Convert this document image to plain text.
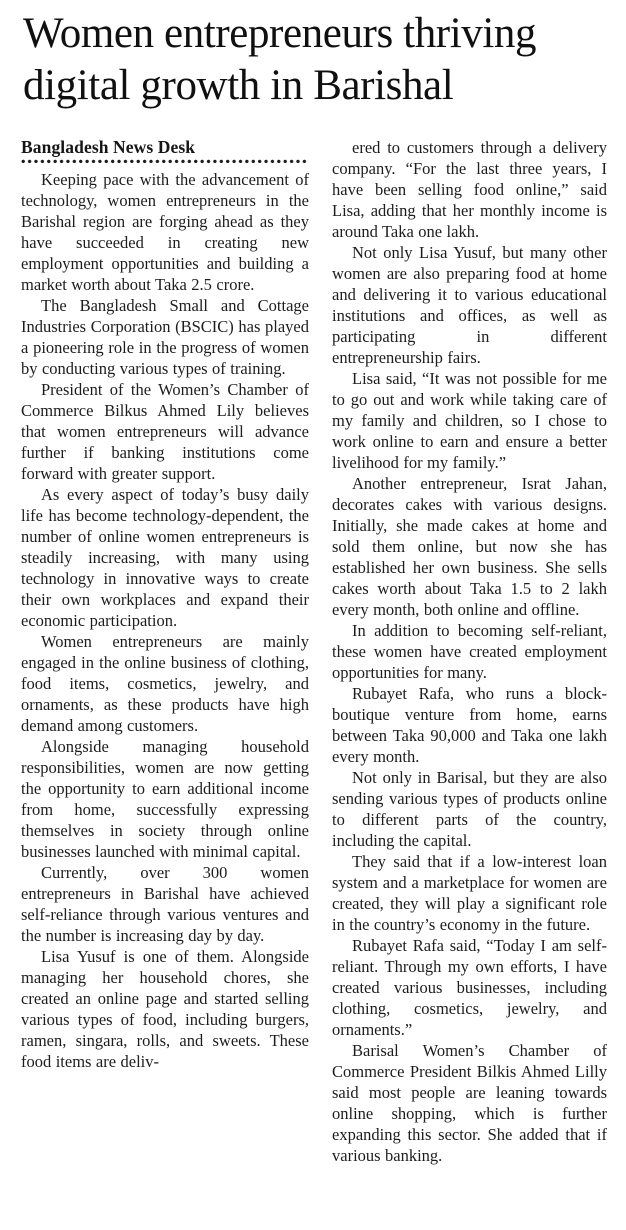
Women entrepreneurs thriving
digital growth in Barishal
Bangladesh News Desk

Keeping pace with the advancement of technology, women entrepreneurs in the Barishal region are forging ahead as they have succeeded in creating new employment opportunities and building a market worth about Taka 2.5 crore.

The Bangladesh Small and Cottage Industries Corporation (BSCIC) has played a pioneering role in the progress of women by conducting various types of training.

President of the Women’s Chamber of Commerce Bilkus Ahmed Lily believes that women entrepreneurs will advance further if banking institutions come forward with greater support.

As every aspect of today’s busy daily life has become technology-dependent, the number of online women entrepreneurs is steadily increasing, with many using technology in innovative ways to create their own workplaces and expand their economic participation.

Women entrepreneurs are mainly engaged in the online business of clothing, food items, cosmetics, jewelry, and ornaments, as these products have high demand among customers.

Alongside managing household responsibilities, women are now getting the opportunity to earn additional income from home, successfully expressing themselves in society through online businesses launched with minimal capital.

Currently, over 300 women entrepreneurs in Barishal have achieved self-reliance through various ventures and the number is increasing day by day.

Lisa Yusuf is one of them. Alongside managing her household chores, she created an online page and started selling various types of food, including burgers, ramen, singara, rolls, and sweets. These food items are deliv-

ered to customers through a delivery company. “For the last three years, I have been selling food online,” said Lisa, adding that her monthly income is around Taka one lakh.

Not only Lisa Yusuf, but many other women are also preparing food at home and delivering it to various educational institutions and offices, as well as participating in different entrepreneurship fairs.

Lisa said, “It was not possible for me to go out and work while taking care of my family and children, so I chose to work online to earn and ensure a better livelihood for my family.”

Another entrepreneur, Israt Jahan, decorates cakes with various designs. Initially, she made cakes at home and sold them online, but now she has established her own business. She sells cakes worth about Taka 1.5 to 2 lakh every month, both online and offline.

In addition to becoming self-reliant, these women have created employment opportunities for many.

Rubayet Rafa, who runs a block-boutique venture from home, earns between Taka 90,000 and Taka one lakh every month.

Not only in Barisal, but they are also sending various types of products online to different parts of the country, including the capital.

They said that if a low-interest loan system and a marketplace for women are created, they will play a significant role in the country’s economy in the future.

Rubayet Rafa said, “Today I am self-reliant. Through my own efforts, I have created various businesses, including clothing, cosmetics, jewelry, and ornaments.”

Barisal Women’s Chamber of Commerce President Bilkis Ahmed Lilly said most people are leaning towards online shopping, which is further expanding this sector. She added that if various banking.
